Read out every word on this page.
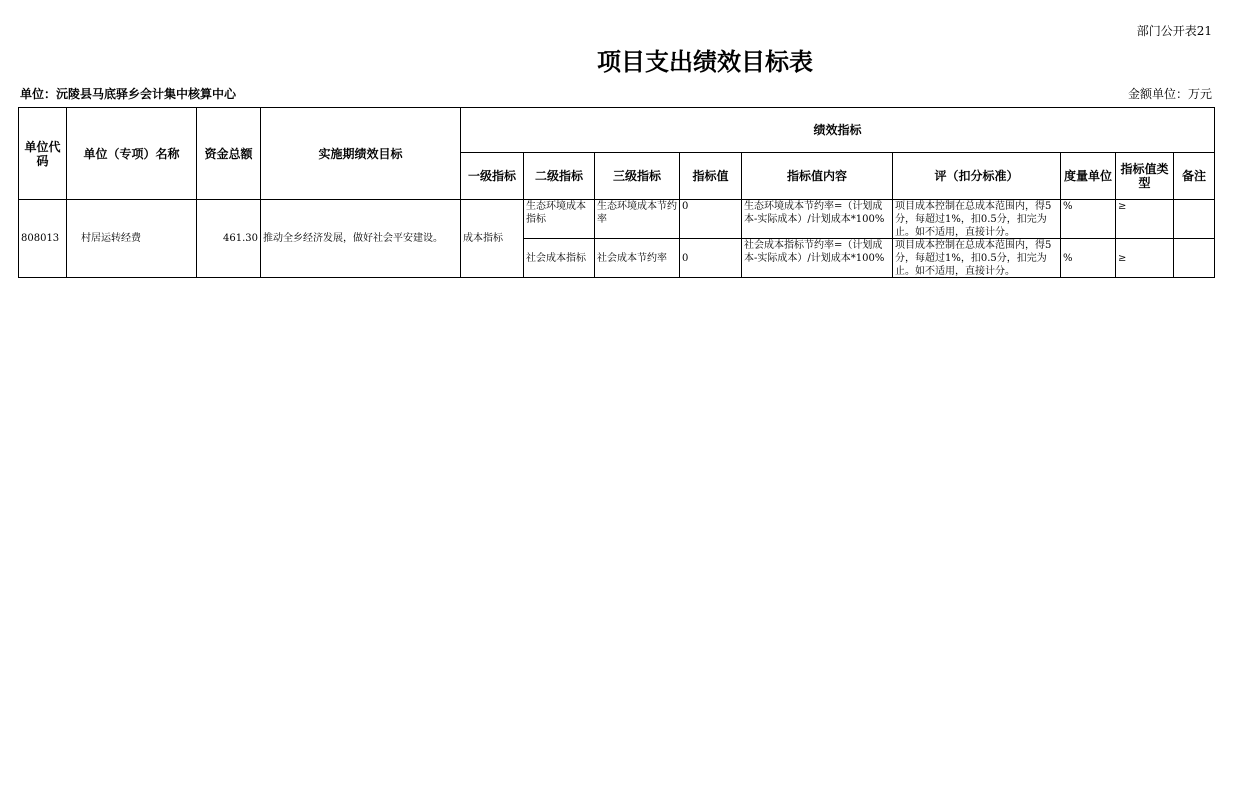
部门公开表21
项目支出绩效目标表
单位：沅陵县马底驿乡会计集中核算中心	金额单位：万元
单位代码	单位（专项）名称	资金总额	实施期绩效目标	绩效指标								
				一级指标	二级指标	三级指标	指标值	指标值内容	评（扣分标准）	度量单位	指标值类型	备注
808013	村居运转经费	461.30	推动全乡经济发展，做好社会平安建设。	成本指标	生态环境成本指标	生态环境成本节约率	0	生态环境成本节约率=（计划成本-实际成本）/计划成本*100%	项目成本控制在总成本范围内，得5分，每超过1%，扣0.5分，扣完为止。如不适用，直接计分。	%	≥	

					社会成本指标	社会成本节约率	0	社会成本指标节约率=（计划成本-实际成本）/计划成本*100%	项目成本控制在总成本范围内，得5分，每超过1%，扣0.5分，扣完为止。如不适用，直接计分。	%	≥	
